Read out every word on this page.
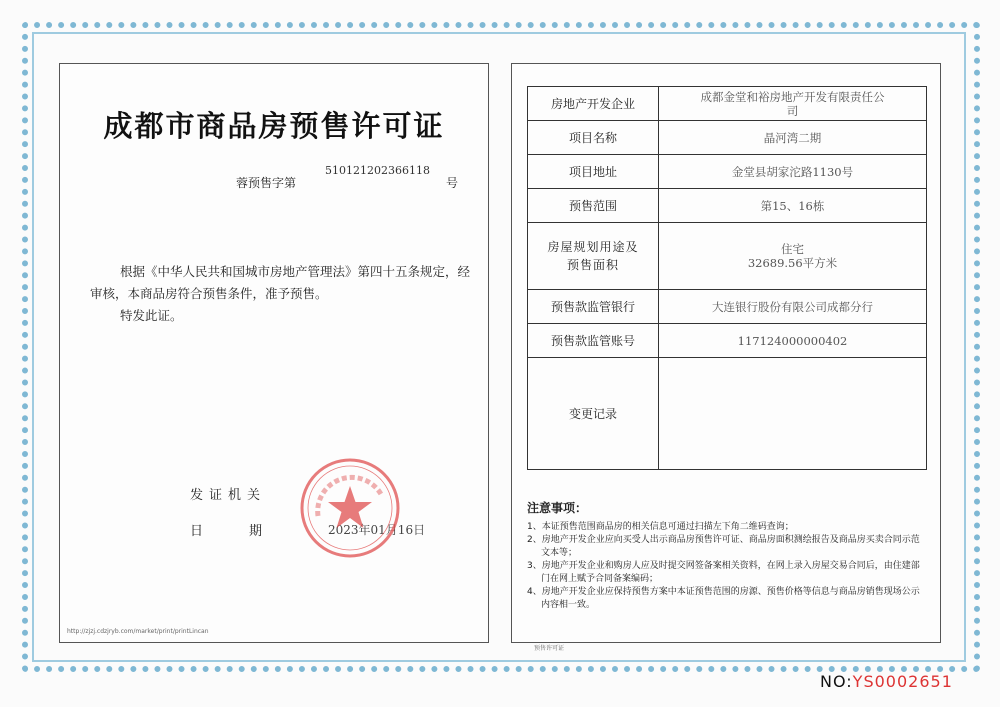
成都市商品房预售许可证
蓉预售字第
510121202366118
号

根据《中华人民共和国城市房地产管理法》第四十五条规定，经审核，本商品房符合预售条件，准予预售。

特发此证。

发证机关
日期 2023年01月16日
http://zjzj.cdzjryb.com/market/print/printLincan
房地产开发企业	成都金堂和裕房地产开发有限责任公司

项目名称	晶河湾二期
项目地址	金堂县胡家沱路1130号
预售范围	第15、16栋

房屋规划用途及预售面积	住宅
32689.56平方米

预售款监管银行	大连银行股份有限公司成都分行
预售款监管账号	117124000000402
变更记录	
注意事项：
1、本证预售范围商品房的相关信息可通过扫描左下角二维码查询；
2、房地产开发企业应向买受人出示商品房预售许可证、商品房面积测绘报告及商品房买卖合同示范文本等；
3、房地产开发企业和购房人应及时提交网签备案相关资料，在网上录入房屋交易合同后，由住建部门在网上赋予合同备案编码；
4、房地产开发企业应保持预售方案中本证预售范围的房源、预售价格等信息与商品房销售现场公示内容相一致。
预售许可证
NO:YS0002651
